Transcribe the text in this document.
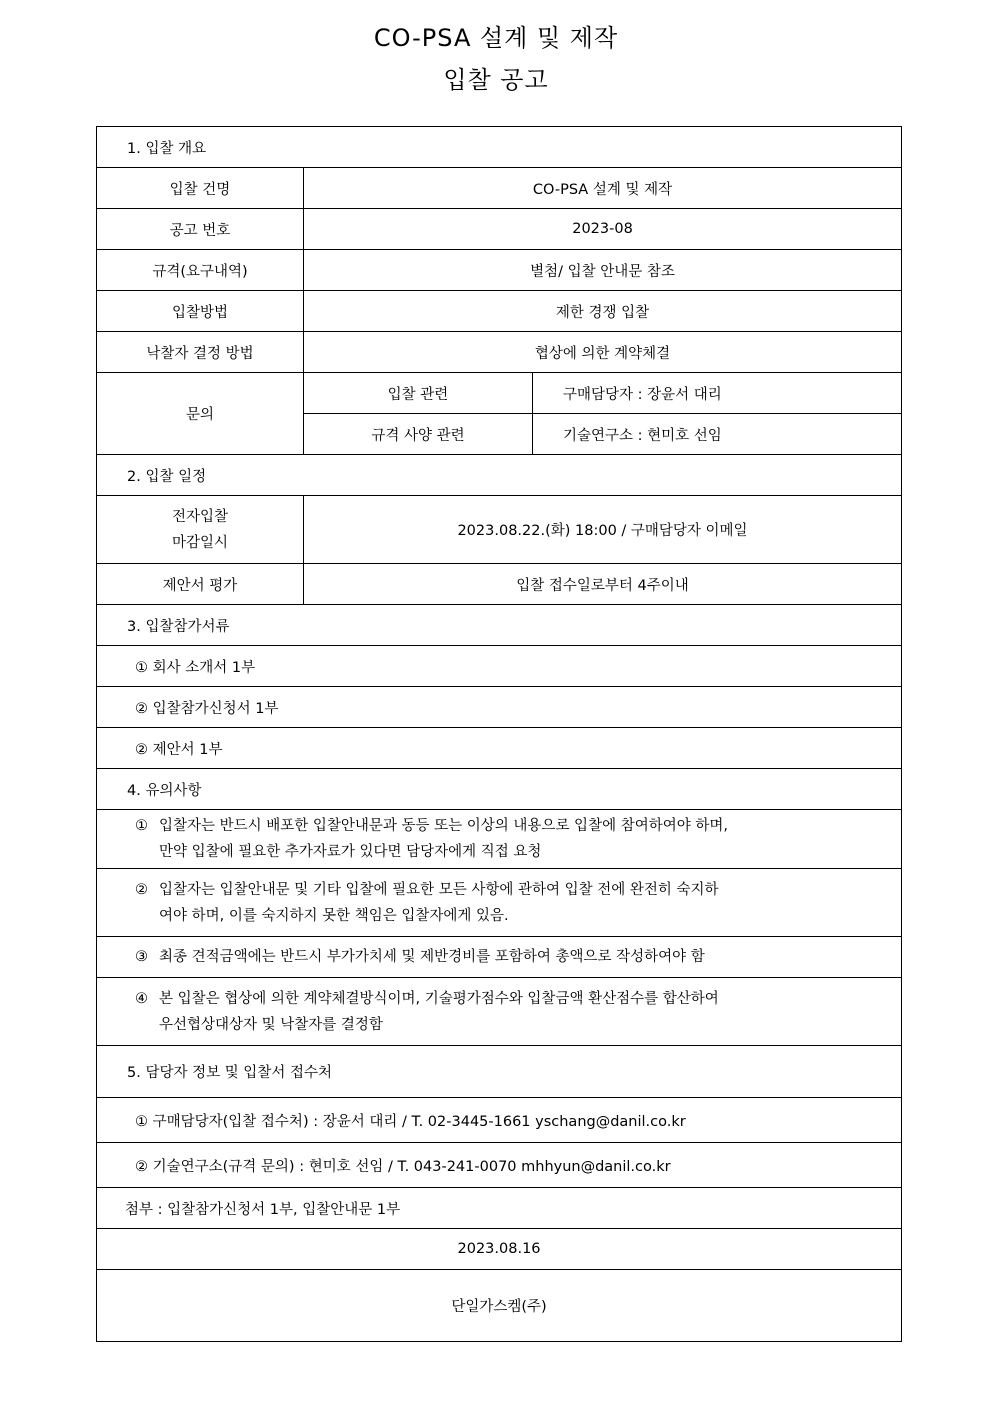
CO-PSA 설계 및 제작
입찰 공고
1. 입찰 개요		
입찰 건명	CO-PSA 설계 및 제작	
공고 번호	2023-08	
규격(요구내역)	별첨/ 입찰 안내문 참조	
입찰방법	제한 경쟁 입찰	
낙찰자 결정 방법	협상에 의한 계약체결	
문의	입찰 관련	구매담당자 : 장윤서 대리
	규격 사양 관련	기술연구소 : 현미호 선임
2. 입찰 일정		

전자입찰
마감일시	2023.08.22.(화) 18:00 / 구매담당자 이메일	
제안서 평가	입찰 접수일로부터 4주이내	
3. 입찰참가서류		
① 회사 소개서 1부		
② 입찰참가신청서 1부		
② 제안서 1부		
4. 유의사항		

① 입찰자는 반드시 배포한 입찰안내문과 동등 또는 이상의 내용으로 입찰에 참여하여야 하며,
만약 입찰에 필요한 추가자료가 있다면 담당자에게 직접 요청		

② 입찰자는 입찰안내문 및 기타 입찰에 필요한 모든 사항에 관하여 입찰 전에 완전히 숙지하
여야 하며, 이를 숙지하지 못한 책임은 입찰자에게 있음.		

③ 최종 견적금액에는 반드시 부가가치세 및 제반경비를 포함하여 총액으로 작성하여야 함		

④ 본 입찰은 협상에 의한 계약체결방식이며, 기술평가점수와 입찰금액 환산점수를 합산하여
우선협상대상자 및 낙찰자를 결정함		

5. 담당자 정보 및 입찰서 접수처		
① 구매담당자(입찰 접수처) : 장윤서 대리 / T. 02-3445-1661 yschang@danil.co.kr		
② 기술연구소(규격 문의) : 현미호 선임 / T. 043-241-0070 mhhyun@danil.co.kr		
첨부 : 입찰참가신청서 1부, 입찰안내문 1부		
2023.08.16		
단일가스켐(주)		
